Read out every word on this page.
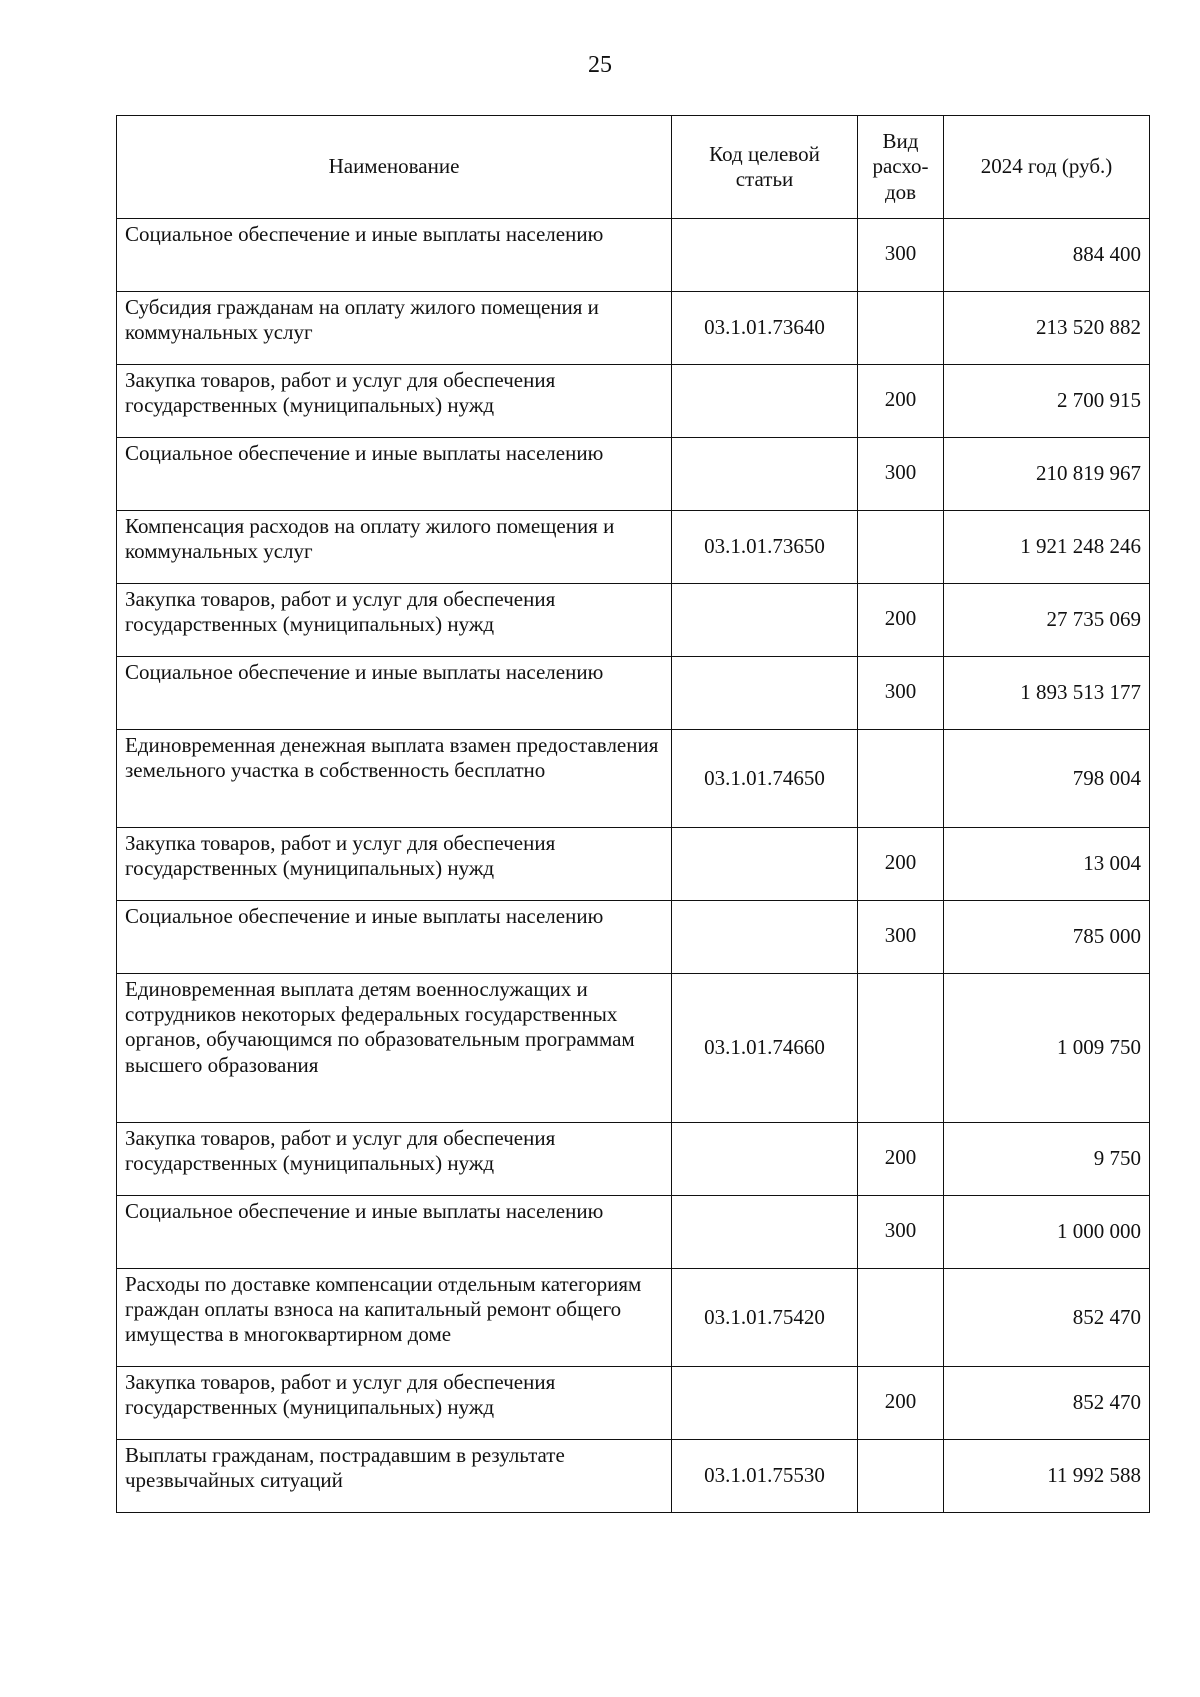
25
Наименование	Код целевой статьи	Вид расхо-дов	2024 год (руб.)
Социальное обеспечение и иные выплаты населению		300	884 400
Субсидия гражданам на оплату жилого помещения и коммунальных услуг	03.1.01.73640		213 520 882
Закупка товаров, работ и услуг для обеспечения государственных (муниципальных) нужд		200	2 700 915
Социальное обеспечение и иные выплаты населению		300	210 819 967
Компенсация расходов на оплату жилого помещения и коммунальных услуг	03.1.01.73650		1 921 248 246
Закупка товаров, работ и услуг для обеспечения государственных (муниципальных) нужд		200	27 735 069
Социальное обеспечение и иные выплаты населению		300	1 893 513 177
Единовременная денежная выплата взамен предоставления земельного участка в собственность бесплатно	03.1.01.74650		798 004
Закупка товаров, работ и услуг для обеспечения государственных (муниципальных) нужд		200	13 004
Социальное обеспечение и иные выплаты населению		300	785 000
Единовременная выплата детям военнослужащих и сотрудников некоторых федеральных государственных органов, обучающимся по образовательным программам высшего образования	03.1.01.74660		1 009 750
Закупка товаров, работ и услуг для обеспечения государственных (муниципальных) нужд		200	9 750
Социальное обеспечение и иные выплаты населению		300	1 000 000
Расходы по доставке компенсации отдельным категориям граждан оплаты взноса на капитальный ремонт общего имущества в многоквартирном доме	03.1.01.75420		852 470
Закупка товаров, работ и услуг для обеспечения государственных (муниципальных) нужд		200	852 470
Выплаты гражданам, пострадавшим в результате чрезвычайных ситуаций	03.1.01.75530		11 992 588
